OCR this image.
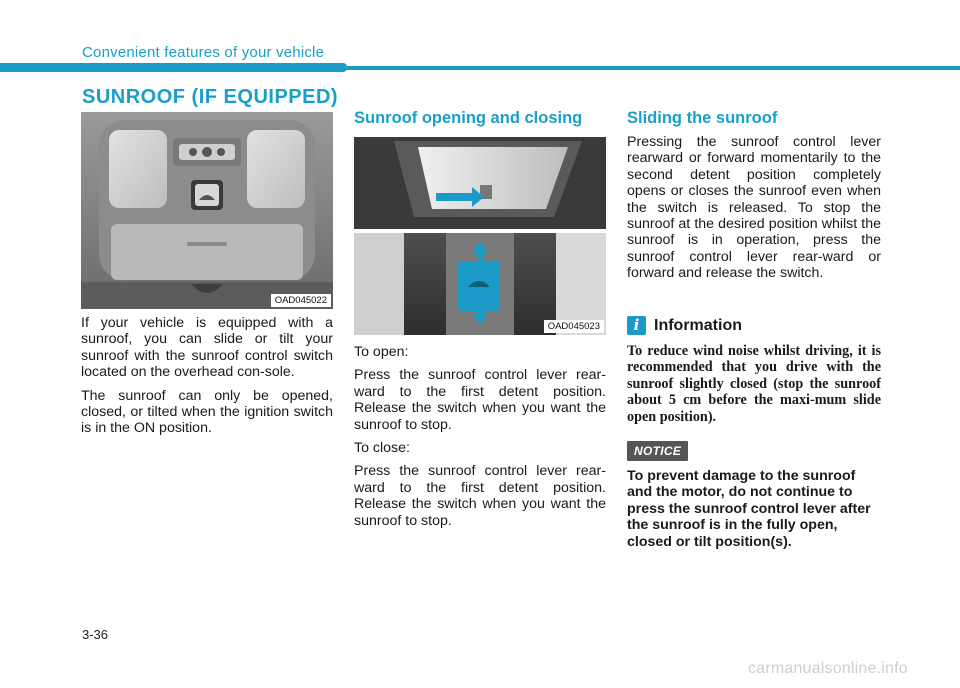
Convenient features of your vehicle
SUNROOF (IF EQUIPPED)
OAD045022

If your vehicle is equipped with a sunroof, you can slide or tilt your sunroof with the sunroof control switch located on the overhead con-sole.

The sunroof can only be opened, closed, or tilted when the ignition switch is in the ON position.

Sunroof opening and closing
OAD045023

To open:

Press the sunroof control lever rear-ward to the first detent position. Release the switch when you want the sunroof to stop.

To close:

Press the sunroof control lever rear-ward to the first detent position. Release the switch when you want the sunroof to stop.

Sliding the sunroof

Pressing the sunroof control lever rearward or forward momentarily to the second detent position completely opens or closes the sunroof even when the switch is released. To stop the sunroof at the desired position whilst the sunroof is in operation, press the sunroof control lever rear-ward or forward and release the switch.

i Information

To reduce wind noise whilst driving, it is recommended that you drive with the sunroof slightly closed (stop the sunroof about 5 cm before the maxi-mum slide open position).

NOTICE

To prevent damage to the sunroof and the motor, do not continue to press the sunroof control lever after the sunroof is in the fully open, closed or tilt position(s).

3-36
carmanualsonline.info
